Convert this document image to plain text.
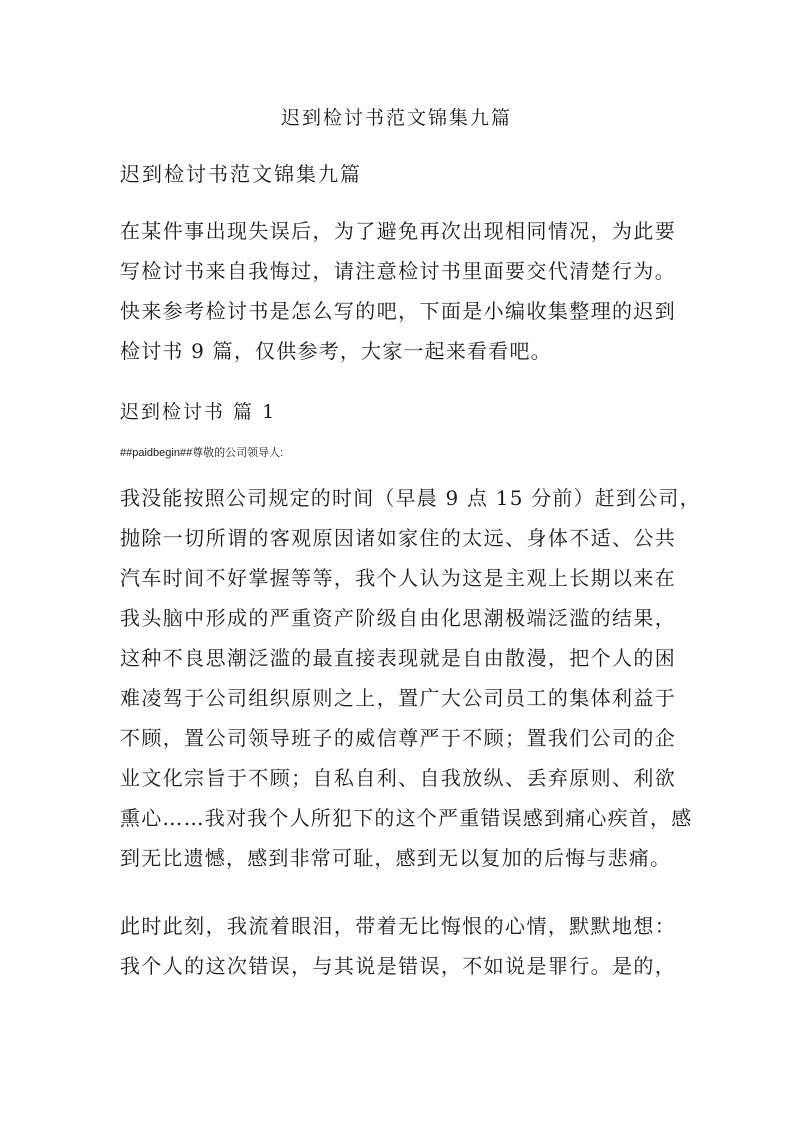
迟到检讨书范文锦集九篇
迟到检讨书范文锦集九篇
在某件事出现失误后，为了避免再次出现相同情况，为此要
写检讨书来自我悔过，请注意检讨书里面要交代清楚行为。
快来参考检讨书是怎么写的吧，下面是小编收集整理的迟到
检讨书 9 篇，仅供参考，大家一起来看看吧。
迟到检讨书 篇 1

##paidbegin##尊敬的公司领导人:

我没能按照公司规定的时间（早晨 9 点 15 分前）赶到公司，
抛除一切所谓的客观原因诸如家住的太远、身体不适、公共
汽车时间不好掌握等等，我个人认为这是主观上长期以来在
我头脑中形成的严重资产阶级自由化思潮极端泛滥的结果，
这种不良思潮泛滥的最直接表现就是自由散漫，把个人的困
难凌驾于公司组织原则之上，置广大公司员工的集体利益于
不顾，置公司领导班子的威信尊严于不顾；置我们公司的企
业文化宗旨于不顾；自私自利、自我放纵、丢弃原则、利欲
熏心……我对我个人所犯下的这个严重错误感到痛心疾首，感
到无比遗憾，感到非常可耻，感到无以复加的后悔与悲痛。
此时此刻，我流着眼泪，带着无比悔恨的心情，默默地想：
我个人的这次错误，与其说是错误，不如说是罪行。是的，
